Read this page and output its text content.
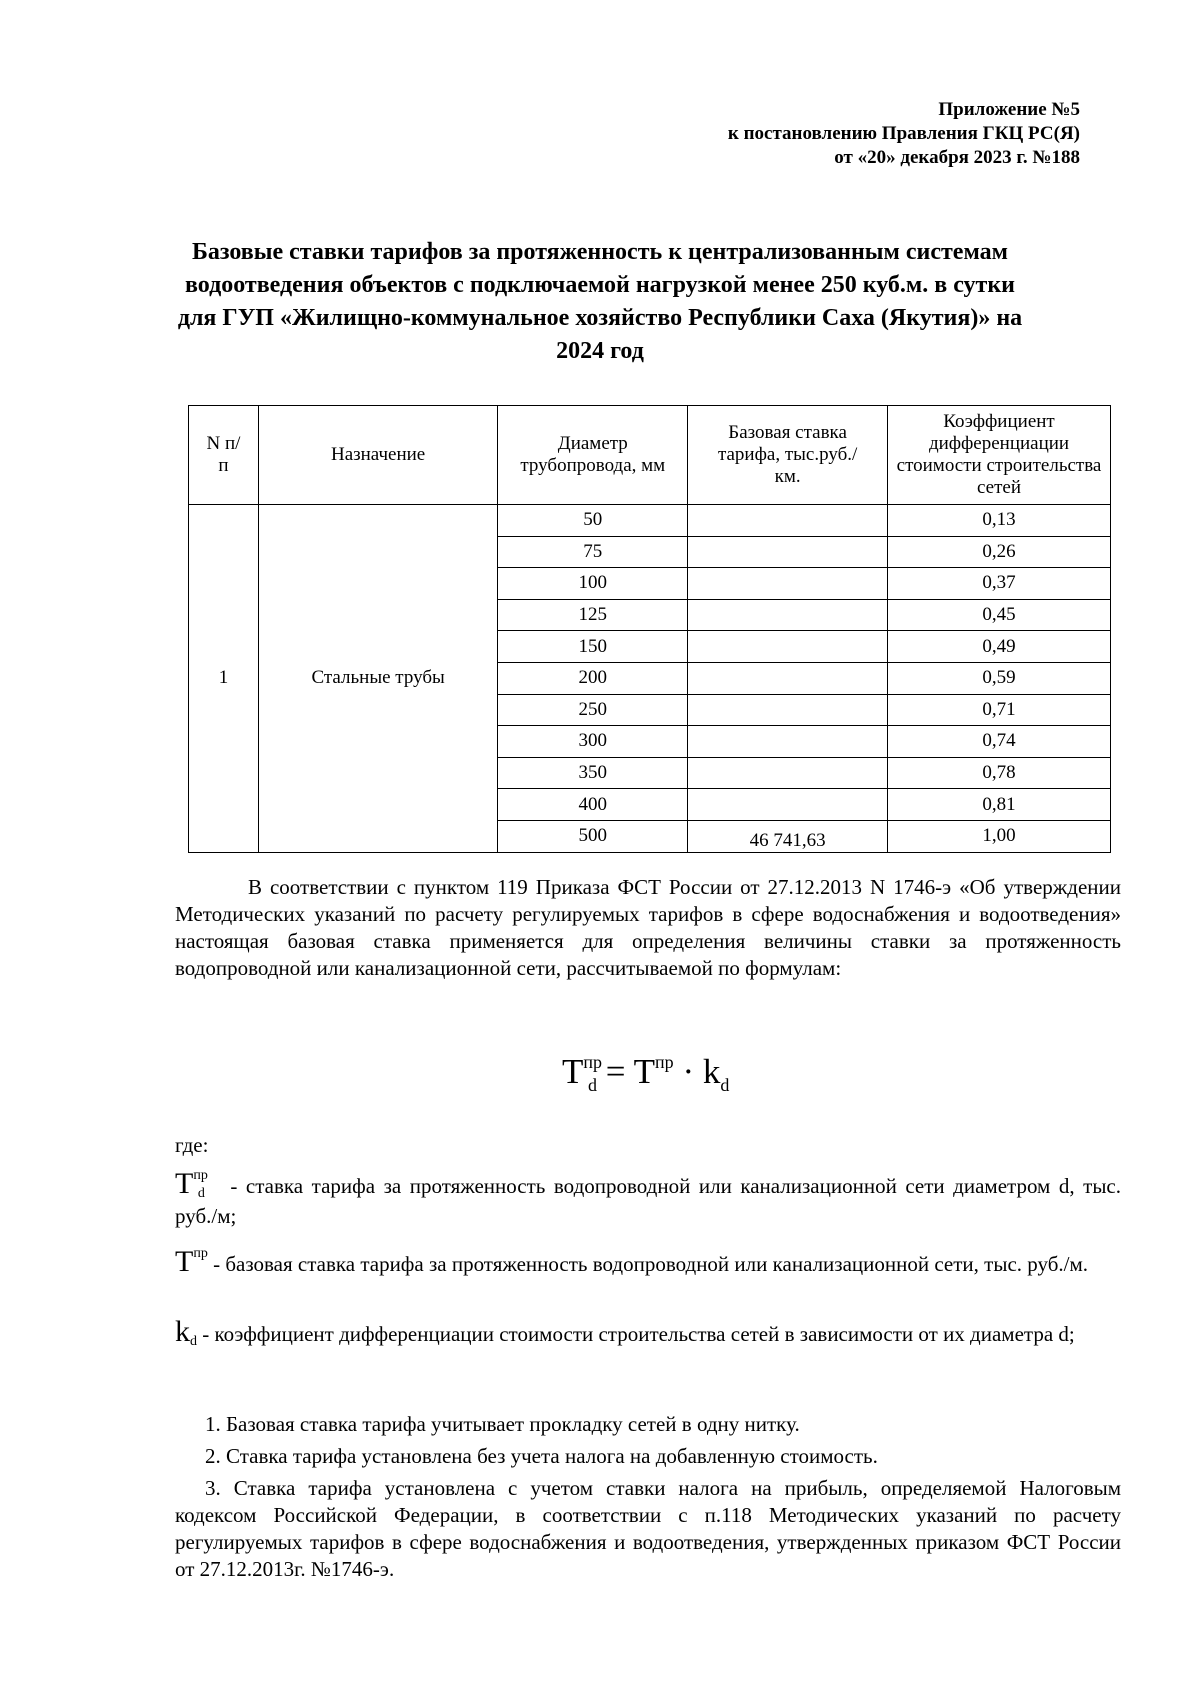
Приложение №5
к постановлению Правления ГКЦ РС(Я)
от «20» декабря 2023 г. №188
Базовые ставки тарифов за протяженность к централизованным системам
водоотведения объектов с подключаемой нагрузкой менее 250 куб.м. в сутки
для ГУП «Жилищно-коммунальное хозяйство Республики Саха (Якутия)» на
2024 год
N п/п	Назначение	Диаметр трубопровода, мм	Базовая ставка тарифа, тыс.руб./км.	Коэффициент дифференциации стоимости строительства сетей

1	Стальные трубы	50		0,13
		75		0,26
		100		0,37
		125		0,45
		150		0,49
		200		0,59
		250		0,71
		300		0,74
		350		0,78
		400		0,81
		500	46 741,63	1,00
В соответствии с пунктом 119 Приказа ФСТ России от 27.12.2013 N 1746-э «Об утверждении Методических указаний по расчету регулируемых тарифов в сфере водоснабжения и водоотведения» настоящая базовая ставка применяется для определения величины ставки за протяженность водопроводной или канализационной сети, рассчитываемой по формулам:
$T^{пр}_d = T^{пр} \cdot k_d$
где:
$T^{пр}d$ - ставка тарифа за протяженность водопроводной или канализационной сети диаметром d, тыс. руб./м;
$T^{пр}$ - базовая ставка тарифа за протяженность водопроводной или канализационной сети, тыс. руб./м.
kd - коэффициент дифференциации стоимости строительства сетей в зависимости от их диаметра d;
1. Базовая ставка тарифа учитывает прокладку сетей в одну нитку.
2. Ставка тарифа установлена без учета налога на добавленную стоимость.
3. Ставка тарифа установлена с учетом ставки налога на прибыль, определяемой Налоговым кодексом Российской Федерации, в соответствии с п.118 Методических указаний по расчету регулируемых тарифов в сфере водоснабжения и водоотведения, утвержденных приказом ФСТ России от 27.12.2013г. №1746-э.
